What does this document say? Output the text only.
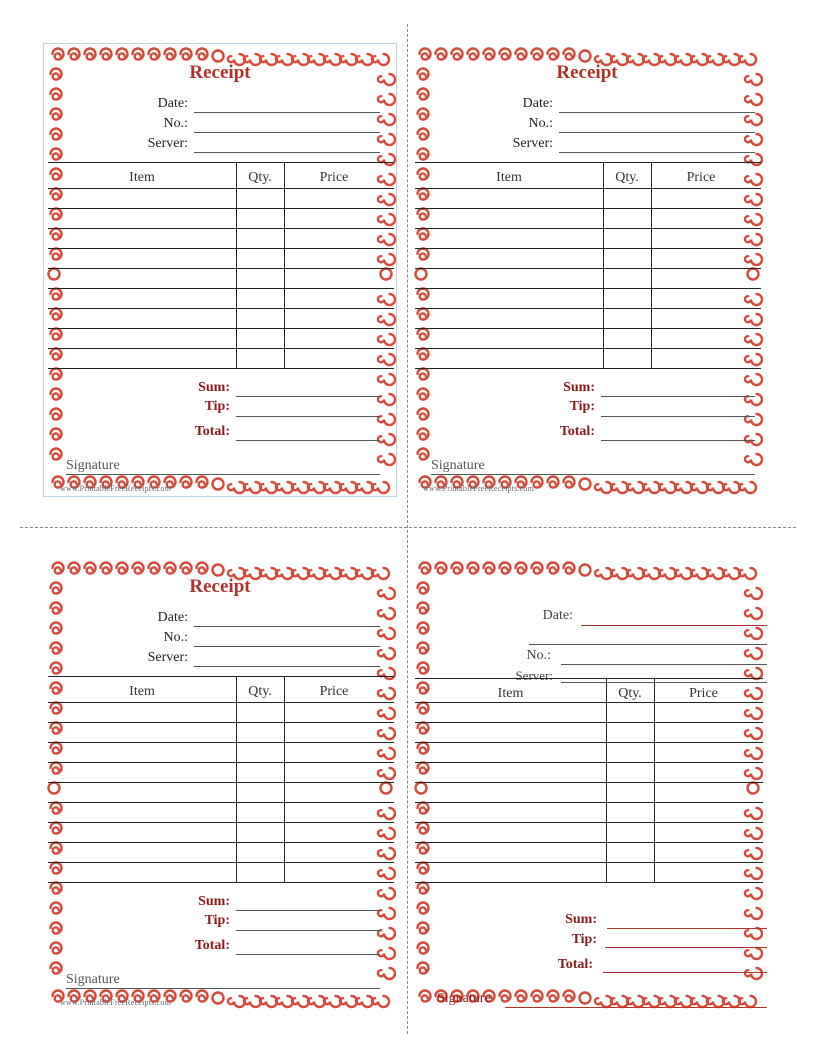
Receipt
Date:
No.:
Server:
Item	Qty.	Price
Sum:
Tip:
Total:
Signature
www.PrintableFreeReceipts.com
Receipt
Date:
No.:
Server:
Item	Qty.	Price
Sum:
Tip:
Total:
Signature
www.PrintableFreeReceipts.com
Receipt
Date:
No.:
Server:
Item	Qty.	Price
Sum:
Tip:
Total:
Signature
www.PrintableFreeReceipts.com
Date:
No.:
Server:
Item	Qty.	Price
Sum:
Tip:
Total:
Signature
